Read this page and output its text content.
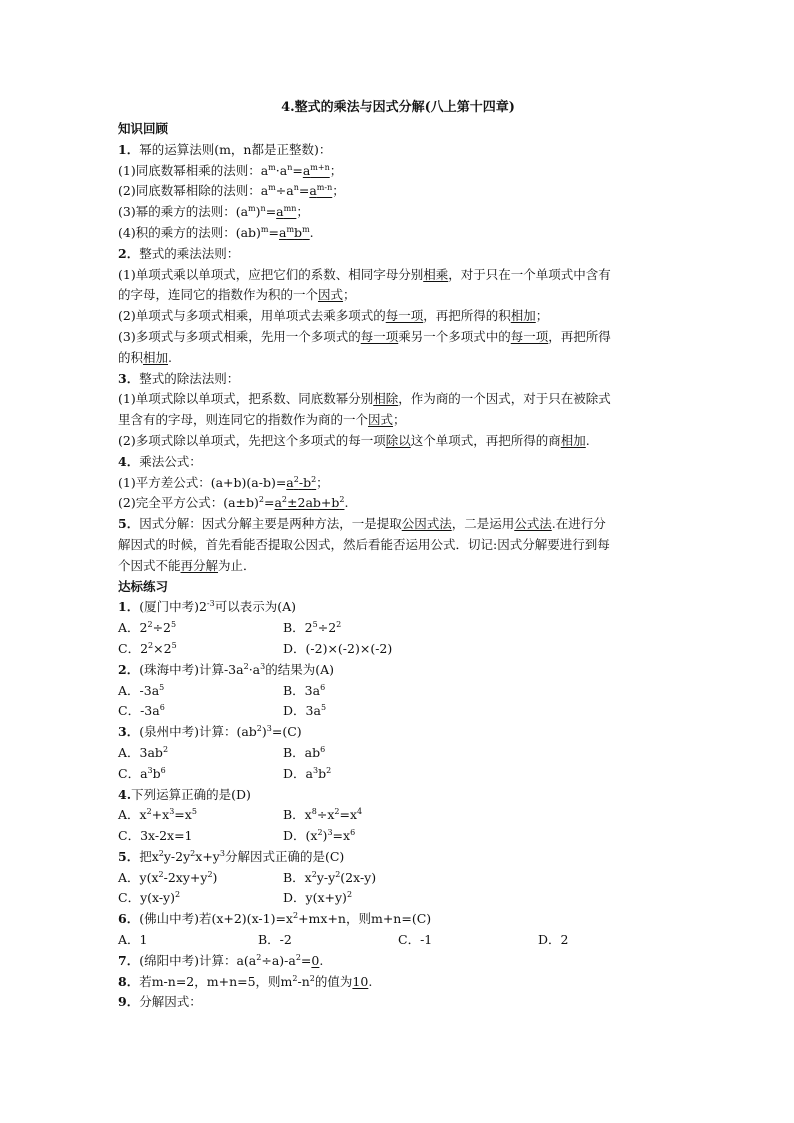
4.整式的乘法与因式分解(八上第十四章)
知识回顾
1．幂的运算法则(m，n都是正整数)：
(1)同底数幂相乘的法则：$a^m\cdot a^n=a^{m+n}$；
(2)同底数幂相除的法则：$a^m\div a^n=a^{m-n}$；
(3)幂的乘方的法则：$(a^m)^n=a^{mn}$；
(4)积的乘方的法则：$(ab)^m=a^mb^m$.
2．整式的乘法法则：
(1)单项式乘以单项式，应把它们的系数、相同字母分别相乘，对于只在一个单项式中含有
的字母，连同它的指数作为积的一个因式；
(2)单项式与多项式相乘，用单项式去乘多项式的每一项，再把所得的积相加；
(3)多项式与多项式相乘，先用一个多项式的每一项乘另一个多项式中的每一项，再把所得
的积相加.
3．整式的除法法则：
(1)单项式除以单项式，把系数、同底数幂分别相除，作为商的一个因式，对于只在被除式
里含有的字母，则连同它的指数作为商的一个因式；
(2)多项式除以单项式，先把这个多项式的每一项除以这个单项式，再把所得的商相加.
4．乘法公式：
(1)平方差公式：$(a+b)(a-b)=a^2-b^2$；
(2)完全平方公式：$(a\pm b)^2=a^2\pm 2ab+b^2$.
5．因式分解：因式分解主要是两种方法，一是提取公因式法，二是运用公式法.在进行分
解因式的时候，首先看能否提取公因式，然后看能否运用公式．切记:因式分解要进行到每
个因式不能再分解为止．
达标练习
1．(厦门中考)$2^{-3}$可以表示为(A)
A．$2^2\div 2^5$	B．$2^5\div 2^2$
C．$2^2\times 2^5$	D．(-2)×(-2)×(-2)
2．(珠海中考)计算$-3a^2\cdot a^3$的结果为(A)
A．$-3a^5$	B．$3a^6$
C．$-3a^6$	D．$3a^5$
3．(泉州中考)计算：$(ab^2)^3=(C)$
A．$3ab^2$	B．$ab^6$
C．$a^3b^6$	D．$a^3b^2$
4.下列运算正确的是(D)
A．$x^2+x^3=x^5$	B．$x^8\div x^2=x^4$
C．3x-2x=1	D．$(x^2)^3=x^6$
5．把$x^2y-2y^2x+y^3$分解因式正确的是(C)
A．$y(x^2-2xy+y^2)$	B．$x^2y-y^2(2x-y)$
C．$y(x-y)^2$	D．$y(x+y)^2$
6．(佛山中考)若$(x+2)(x-1)=x^2+mx+n$，则m+n=(C)
A．1	B．-2	C．-1	D．2
7．(绵阳中考)计算：$a(a^2\div a)-a^2=0$.
8．若m-n=2，m+n=5，则$m^2-n^2$的值为10.
9．分解因式：
